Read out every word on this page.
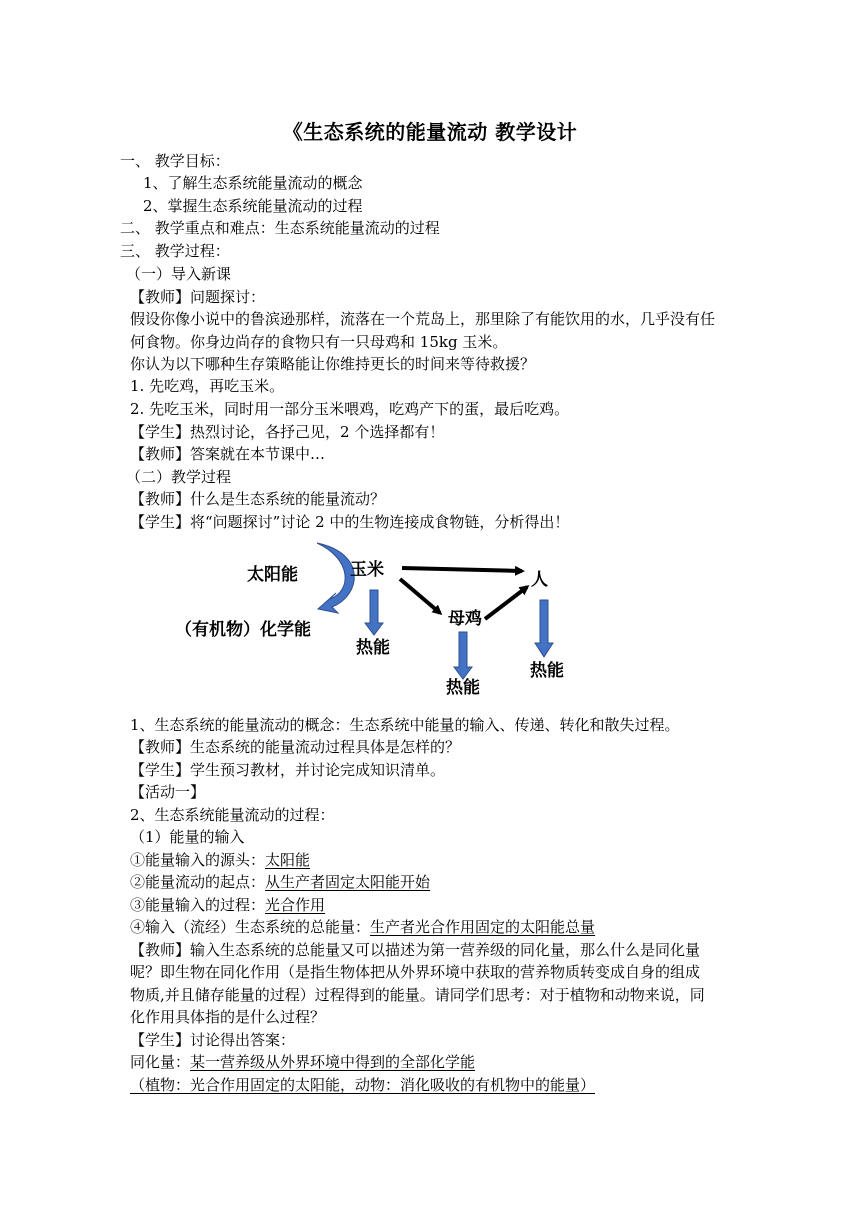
《生态系统的能量流动 教学设计
一、 教学目标：
1、了解生态系统能量流动的概念
2、掌握生态系统能量流动的过程
二、 教学重点和难点：生态系统能量流动的过程
三、 教学过程：
（一）导入新课
【教师】问题探讨：
假设你像小说中的鲁滨逊那样，流落在一个荒岛上，那里除了有能饮用的水，几乎没有任
何食物。你身边尚存的食物只有一只母鸡和 15kg 玉米。
你认为以下哪种生存策略能让你维持更长的时间来等待救援？
1. 先吃鸡，再吃玉米。
2. 先吃玉米，同时用一部分玉米喂鸡，吃鸡产下的蛋，最后吃鸡。
【学生】热烈讨论，各抒己见，2 个选择都有！
【教师】答案就在本节课中…
（二）教学过程
【教师】什么是生态系统的能量流动？
【学生】将“问题探讨”讨论 2 中的生物连接成食物链，分析得出！
太阳能	玉米	人
母鸡
（有机物）化学能
热能
热能
热能
1、生态系统的能量流动的概念：生态系统中能量的输入、传递、转化和散失过程。
【教师】生态系统的能量流动过程具体是怎样的？
【学生】学生预习教材，并讨论完成知识清单。
【活动一】
2、生态系统能量流动的过程：
（1）能量的输入
①能量输入的源头：太阳能
②能量流动的起点：从生产者固定太阳能开始
③能量输入的过程：光合作用
④输入（流经）生态系统的总能量：生产者光合作用固定的太阳能总量
【教师】输入生态系统的总能量又可以描述为第一营养级的同化量，那么什么是同化量
呢？即生物在同化作用（是指生物体把从外界环境中获取的营养物质转变成自身的组成
物质,并且储存能量的过程）过程得到的能量。请同学们思考：对于植物和动物来说，同
化作用具体指的是什么过程？
【学生】讨论得出答案：
同化量：某一营养级从外界环境中得到的全部化学能
（植物：光合作用固定的太阳能，动物：消化吸收的有机物中的能量）
